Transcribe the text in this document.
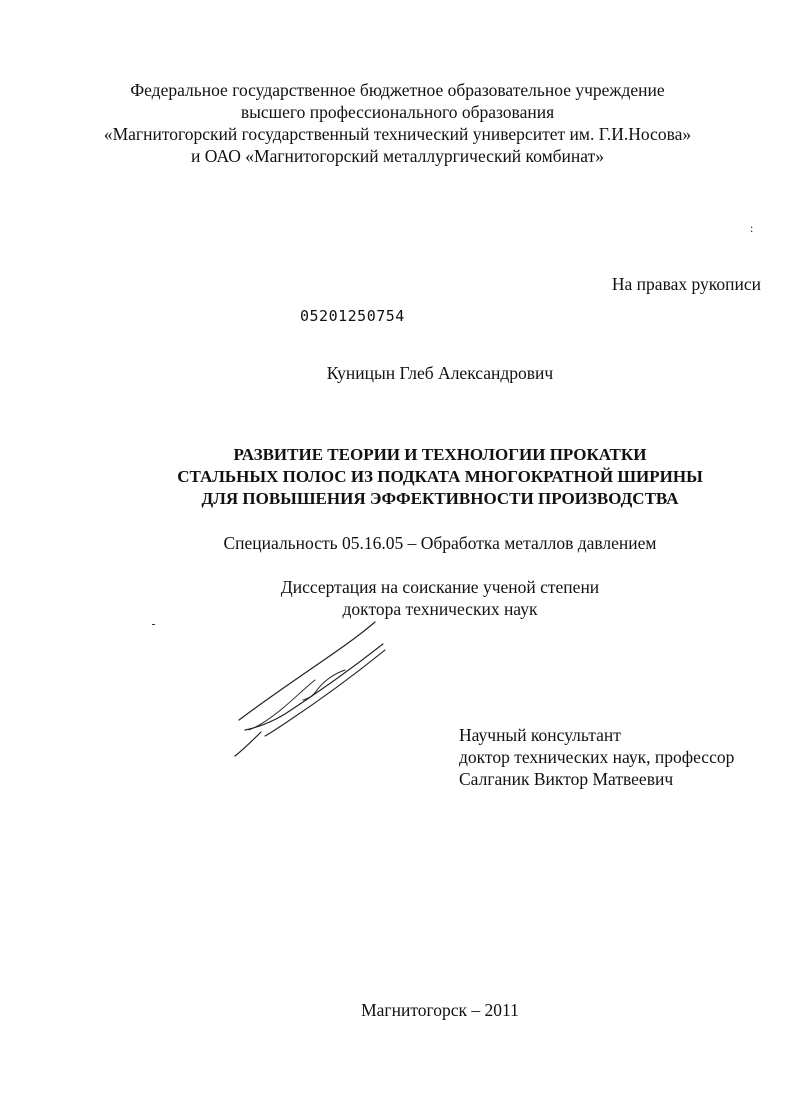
Федеральное государственное бюджетное образовательное учреждение
высшего профессионального образования
«Магнитогорский государственный технический университет им. Г.И.Носова»
и ОАО «Магнитогорский металлургический комбинат»
:
На правах рукописи
05201250754
Куницын Глеб Александрович
РАЗВИТИЕ ТЕОРИИ И ТЕХНОЛОГИИ ПРОКАТКИ
СТАЛЬНЫХ ПОЛОС ИЗ ПОДКАТА МНОГОКРАТНОЙ ШИРИНЫ
ДЛЯ ПОВЫШЕНИЯ ЭФФЕКТИВНОСТИ ПРОИЗВОДСТВА
Специальность 05.16.05 – Обработка металлов давлением
Диссертация на соискание ученой степени
доктора технических наук
Научный консультант
доктор технических наук, профессор
Салганик Виктор Матвеевич
Магнитогорск – 2011
